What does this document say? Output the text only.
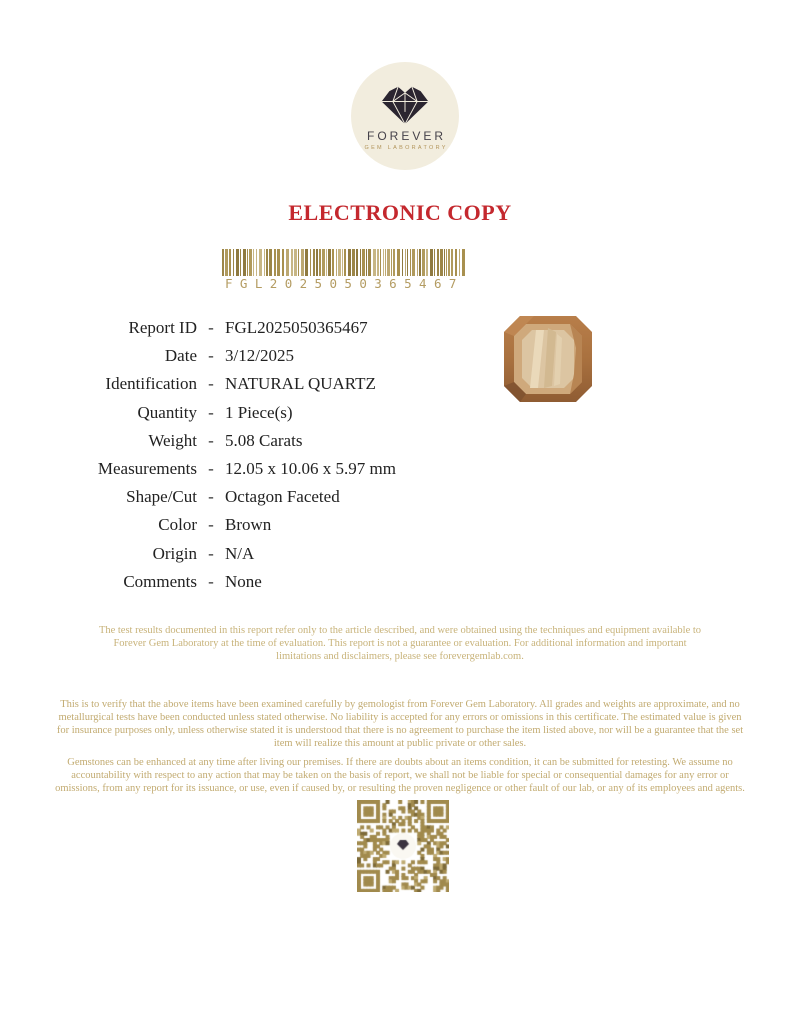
FOREVER
GEM LABORATORY
ELECTRONIC COPY
FGL2025050365467
Report ID - FGL2025050365467
Date - 3/12/2025
Identification - NATURAL QUARTZ
Quantity - 1 Piece(s)
Weight - 5.08 Carats
Measurements - 12.05 x 10.06 x 5.97 mm
Shape/Cut - Octagon Faceted
Color - Brown
Origin - N/A
Comments - None
The test results documented in this report refer only to the article described, and were obtained using the techniques and equipment available to Forever Gem Laboratory at the time of evaluation. This report is not a guarantee or evaluation. For additional information and important limitations and disclaimers, please see forevergemlab.com.
This is to verify that the above items have been examined carefully by gemologist from Forever Gem Laboratory. All grades and weights are approximate, and no metallurgical tests have been conducted unless stated otherwise. No liability is accepted for any errors or omissions in this certificate. The estimated value is given for insurance purposes only, unless otherwise stated it is understood that there is no agreement to purchase the item listed above, nor will be a guarantee that the set item will realize this amount at public private or other sales.
Gemstones can be enhanced at any time after living our premises. If there are doubts about an items condition, it can be submitted for retesting. We assume no accountability with respect to any action that may be taken on the basis of report, we shall not be liable for special or consequential damages for any error or omissions, from any report for its issuance, or use, even if caused by, or resulting the proven negligence or other fault of our lab, or any of its employees and agents.
